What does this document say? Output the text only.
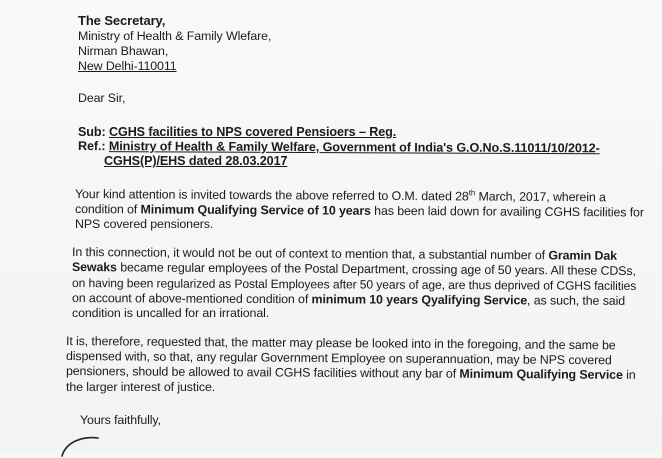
The Secretary,
Ministry of Health & Family Wlefare,
Nirman Bhawan,
New Delhi-110011
Dear Sir,
Sub: CGHS facilities to NPS covered Pensioers – Reg.
Ref.: Ministry of Health & Family Welfare, Government of India's G.O.No.S.11011/10/2012-
CGHS(P)/EHS dated 28.03.2017
Your kind attention is invited towards the above referred to O.M. dated 28th March, 2017, wherein a
condition of Minimum Qualifying Service of 10 years has been laid down for availing CGHS facilities for
NPS covered pensioners.
In this connection, it would not be out of context to mention that, a substantial number of Gramin Dak
Sewaks became regular employees of the Postal Department, crossing age of 50 years. All these CDSs,
on having been regularized as Postal Employees after 50 years of age, are thus deprived of CGHS facilities
on account of above-mentioned condition of minimum 10 years Qyalifying Service, as such, the said
condition is uncalled for an irrational.
It is, therefore, requested that, the matter may please be looked into in the foregoing, and the same be
dispensed with, so that, any regular Government Employee on superannuation, may be NPS covered
pensioners, should be allowed to avail CGHS facilities without any bar of Minimum Qualifying Service in
the larger interest of justice.
Yours faithfully,
